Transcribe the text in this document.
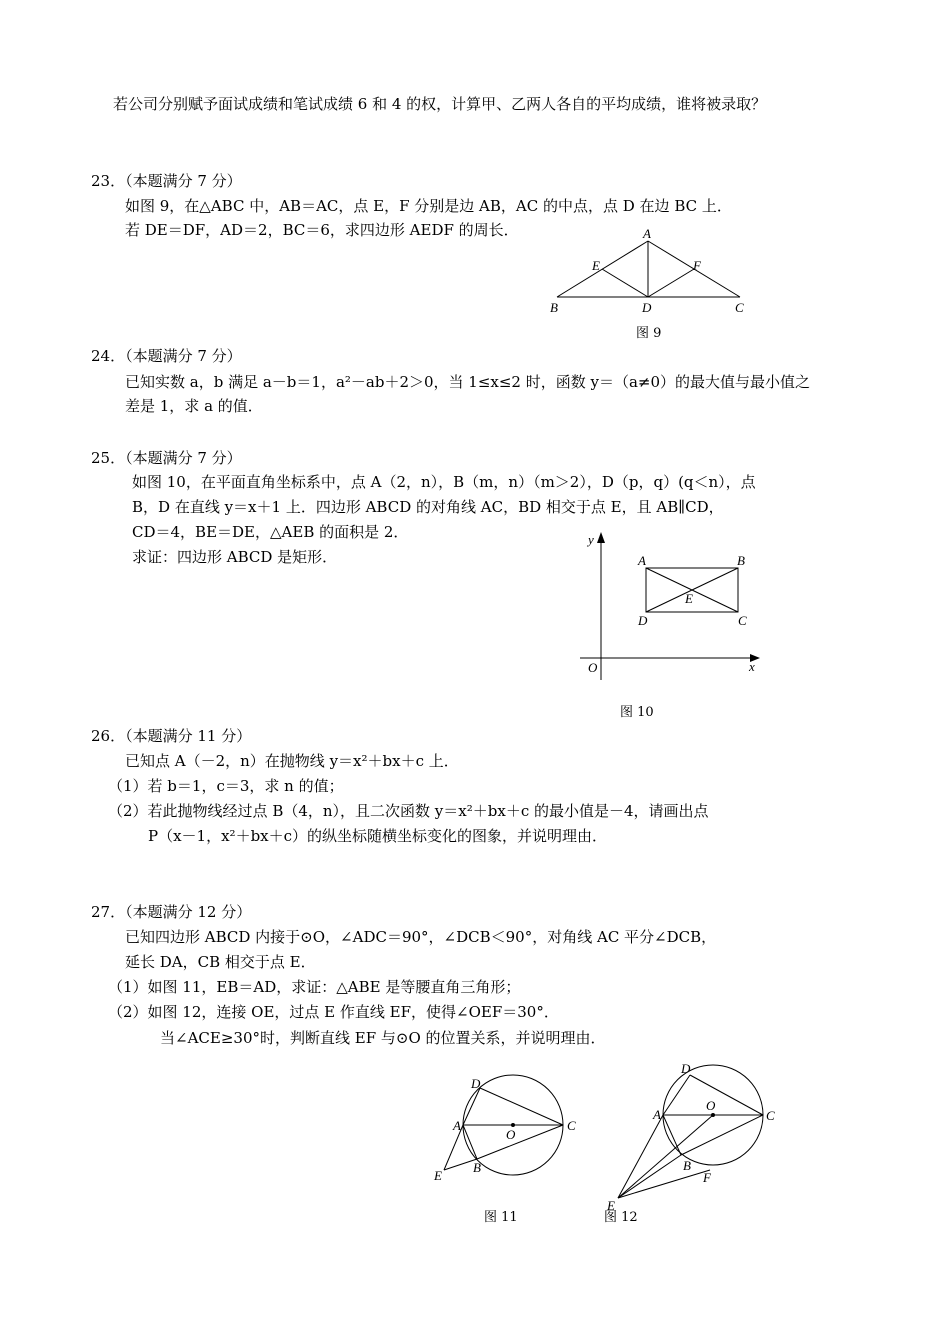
若公司分别赋予面试成绩和笔试成绩 6 和 4 的权，计算甲、乙两人各自的平均成绩，谁将被录取？
23．（本题满分 7 分）
如图 9，在△ABC 中，AB＝AC，点 E，F 分别是边 AB，AC 的中点，点 D 在边 BC 上．
若 DE＝DF，AD＝2，BC＝6，求四边形 AEDF 的周长．	A
E	F
B	D	C
图 9
24．（本题满分 7 分）
已知实数 a，b 满足 a－b＝1，a²－ab＋2＞0，当 1≤x≤2 时，函数 y＝（a≠0）的最大值与最小值之
差是 1，求 a 的值．
25．（本题满分 7 分）
如图 10，在平面直角坐标系中，点 A（2，n），B（m，n）（m＞2），D（p，q）(q＜n），点
B，D 在直线 y＝x＋1 上．四边形 ABCD 的对角线 AC，BD 相交于点 E，且 AB∥CD，
CD＝4，BE＝DE，△AEB 的面积是 2．
求证：四边形 ABCD 是矩形．
y
x
O
A	B
D	C
E
图 10
26．（本题满分 11 分）
已知点 A（－2，n）在抛物线 y＝x²＋bx＋c 上．
（1）若 b＝1，c＝3，求 n 的值；
（2）若此抛物线经过点 B（4，n），且二次函数 y＝x²＋bx＋c 的最小值是－4，请画出点
P（x－1，x²＋bx＋c）的纵坐标随横坐标变化的图象，并说明理由．
27．（本题满分 12 分）
已知四边形 ABCD 内接于⊙O，∠ADC＝90°，∠DCB＜90°，对角线 AC 平分∠DCB，
延长 DA，CB 相交于点 E．
（1）如图 11，EB＝AD，求证：△ABE 是等腰直角三角形；
（2）如图 12，连接 OE，过点 E 作直线 EF，使得∠OEF＝30°．
当∠ACE≥30°时，判断直线 EF 与⊙O 的位置关系，并说明理由．
D
A
O
C
B
E
图 11
D
A
O
C
B
F
E
图 12
